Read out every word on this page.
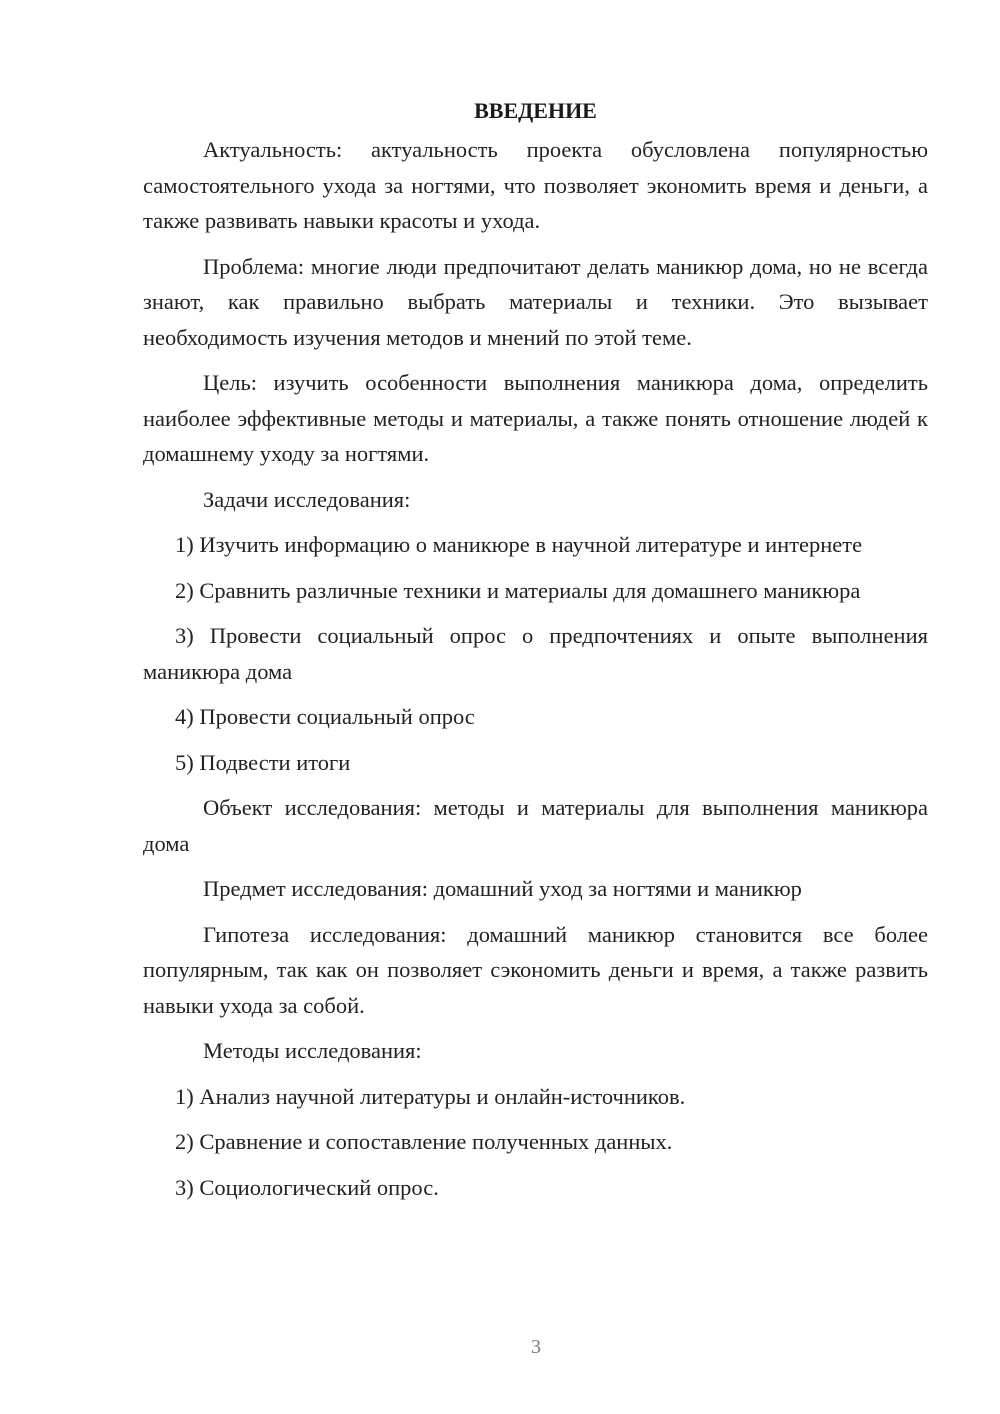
ВВЕДЕНИЕ

Актуальность: актуальность проекта обусловлена популярностью самостоятельного ухода за ногтями, что позволяет экономить время и деньги, а также развивать навыки красоты и ухода.

Проблема: многие люди предпочитают делать маникюр дома, но не всегда знают, как правильно выбрать материалы и техники. Это вызывает необходимость изучения методов и мнений по этой теме.

Цель: изучить особенности выполнения маникюра дома, определить наиболее эффективные методы и материалы, а также понять отношение людей к домашнему уходу за ногтями.

Задачи исследования:

1) Изучить информацию о маникюре в научной литературе и интернете

2) Сравнить различные техники и материалы для домашнего маникюра

3) Провести социальный опрос о предпочтениях и опыте выполнения маникюра дома

4) Провести социальный опрос

5) Подвести итоги

Объект исследования: методы и материалы для выполнения маникюра дома

Предмет исследования: домашний уход за ногтями и маникюр

Гипотеза исследования: домашний маникюр становится все более популярным, так как он позволяет сэкономить деньги и время, а также развить навыки ухода за собой.

Методы исследования:

1) Анализ научной литературы и онлайн-источников.

2) Сравнение и сопоставление полученных данных.

3) Социологический опрос.

3
